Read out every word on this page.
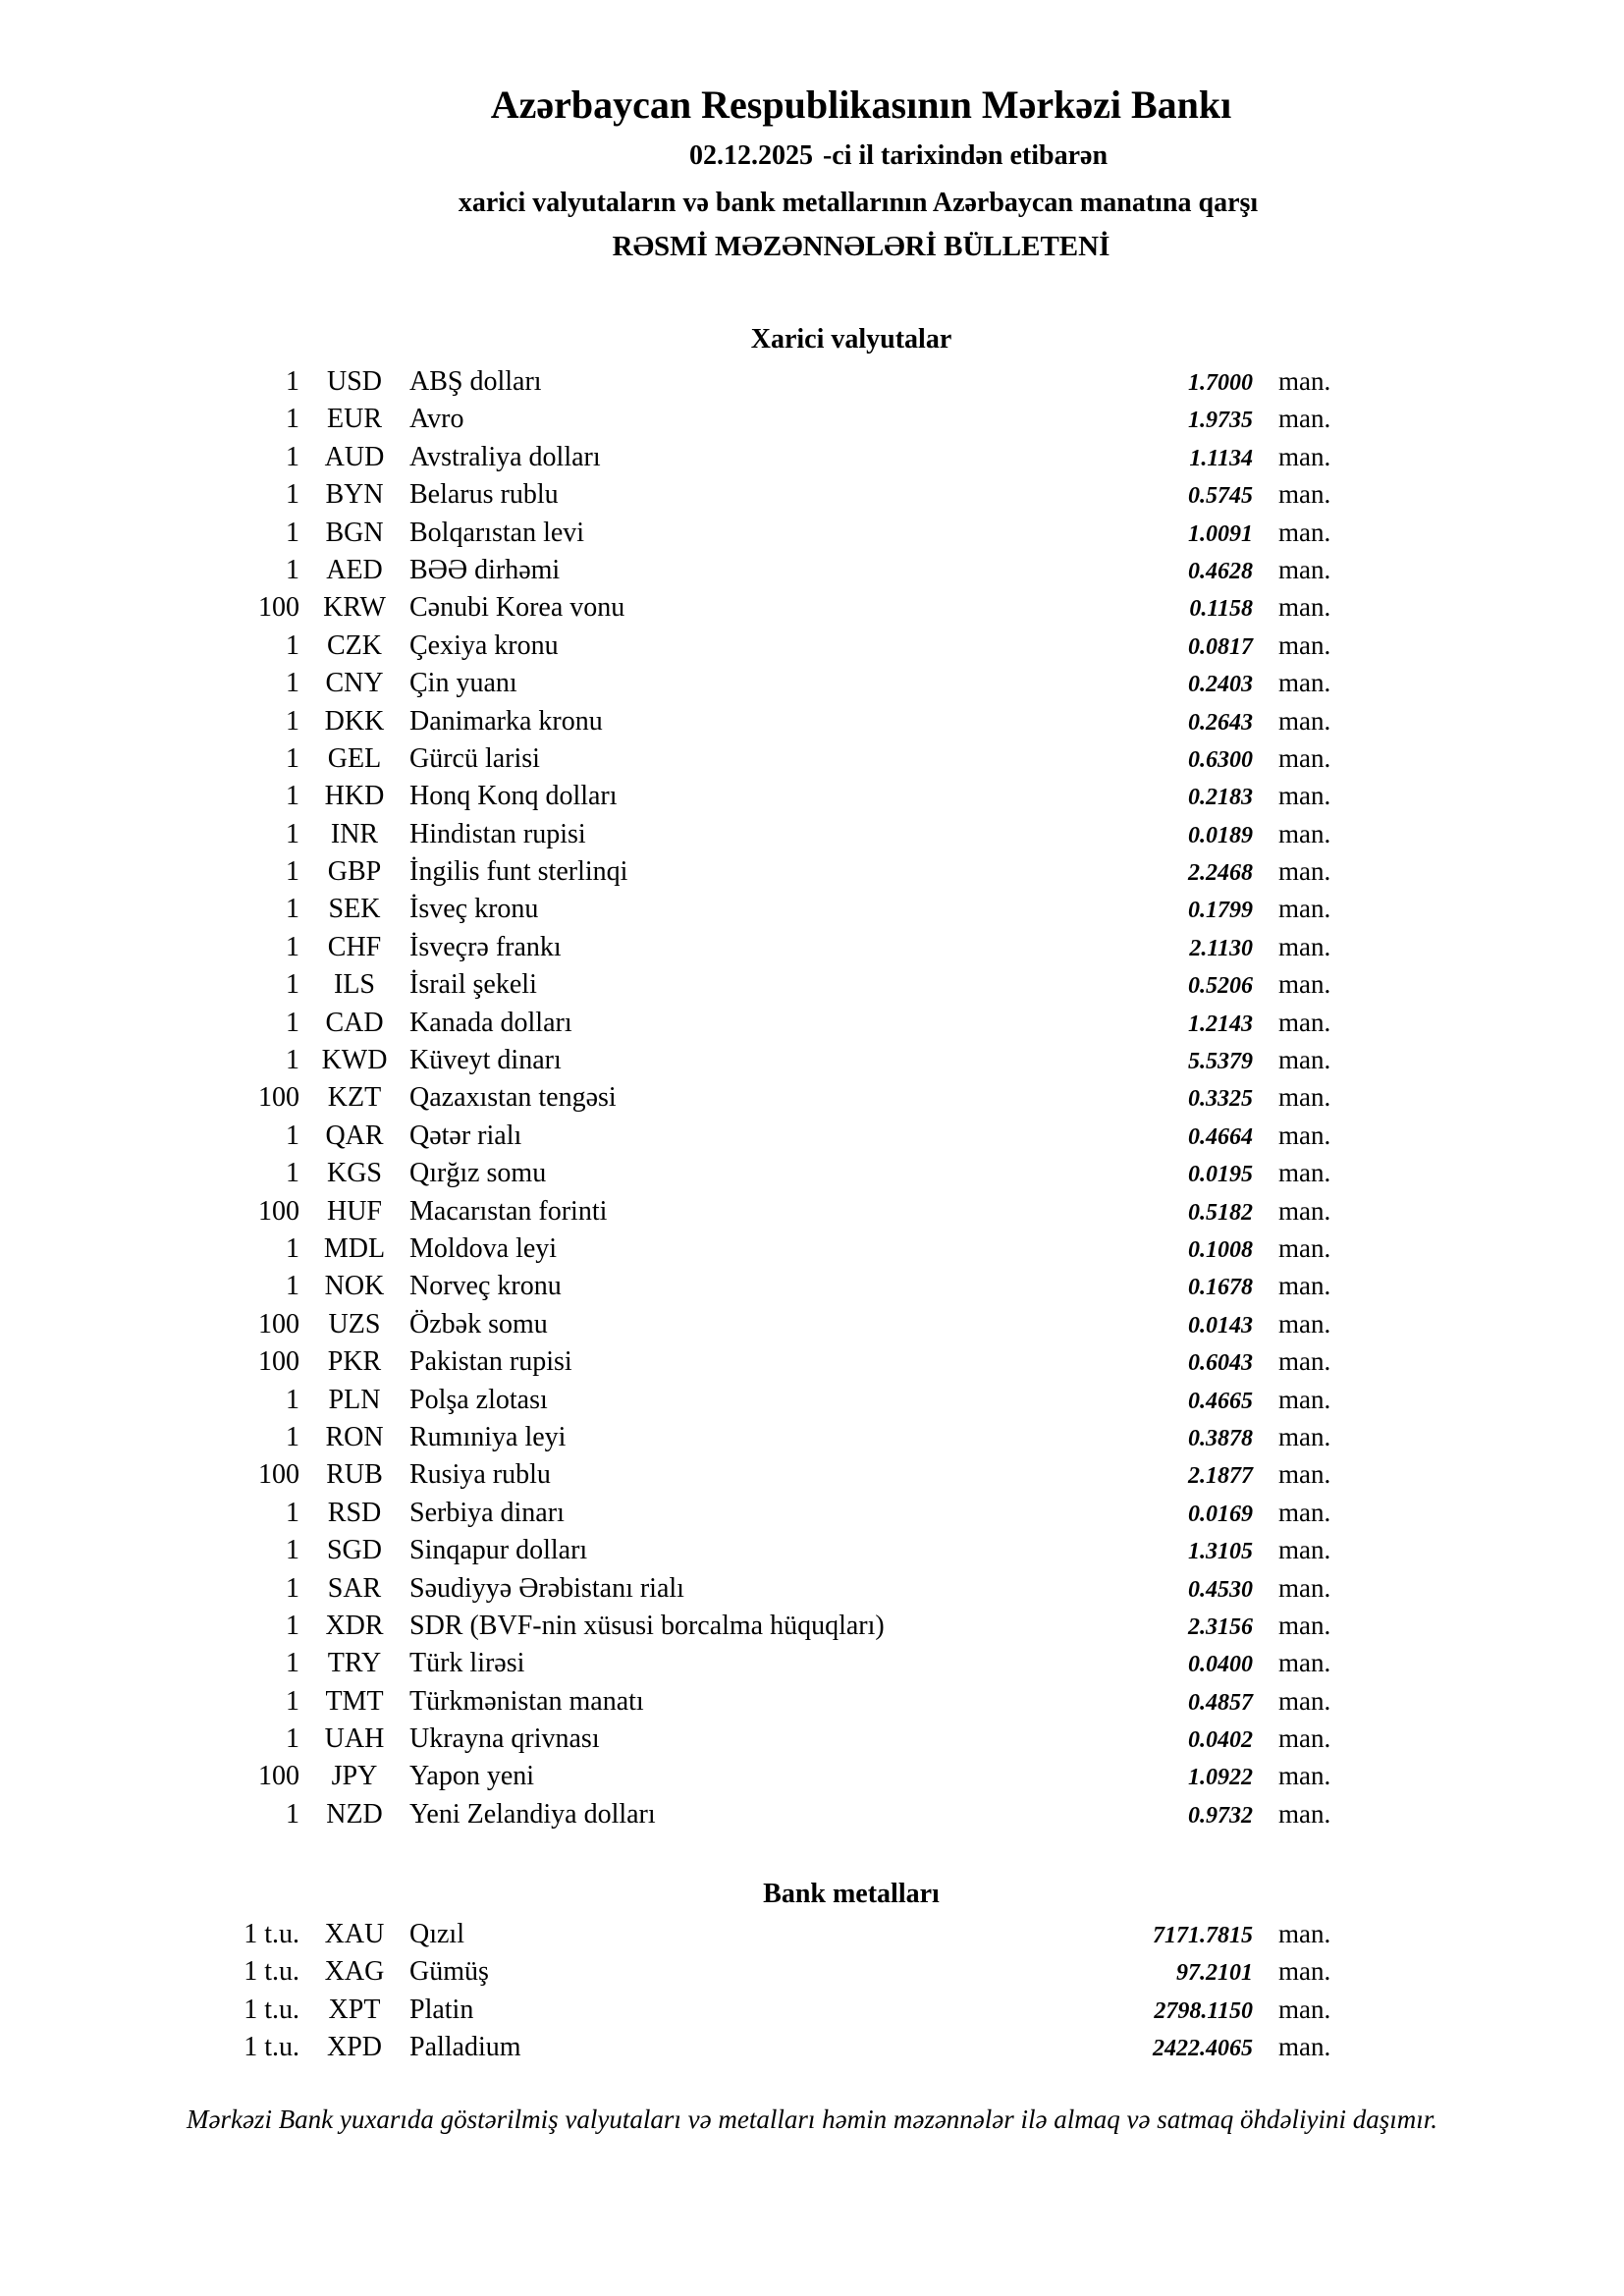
Azərbaycan Respublikasının Mərkəzi Bankı
02.12.2025 -ci il tarixindən etibarən
xarici valyutaların və bank metallarının Azərbaycan manatına qarşı
RƏSMİ MƏZƏNNƏLƏRİ BÜLLETENİ
Xarici valyutalar
1 USD	ABŞ dolları	1.7000 man.
1	EUR	Avro	1.9735 man.
1 AUD Avstraliya dolları	1.1134 man.
1 BYN Belarus rublu	0.5745 man.
1 BGN Bolqarıstan levi	1.0091 man.
1 AED BƏƏ dirhəmi	0.4628 man.
100 KRW Cənubi Korea vonu	0.1158 man.
1	CZK	Çexiya kronu	0.0817 man.
1 CNY Çin yuanı	0.2403 man.
1 DKK Danimarka kronu	0.2643 man.
1	GEL	Gürcü larisi	0.6300 man.
1 HKD Honq Konq dolları	0.2183 man.
1	INR	Hindistan rupisi	0.0189 man.
1	GBP	İngilis funt sterlinqi	2.2468 man.
1	SEK	İsveç kronu	0.1799 man.
1	CHF	İsveçrə frankı	2.1130 man.
1	ILS	İsrail şekeli	0.5206 man.
1 CAD Kanada dolları	1.2143 man.
1 KWD Küveyt dinarı	5.5379 man.
100	KZT	Qazaxıstan tengəsi	0.3325 man.
1 QAR Qətər rialı	0.4664 man.
1 KGS	Qırğız somu	0.0195 man.
100 HUF	Macarıstan forinti	0.5182 man.
1 MDL Moldova leyi	0.1008 man.
1 NOK Norveç kronu	0.1678 man.
100	UZS	Özbək somu	0.0143 man.
100	PKR	Pakistan rupisi	0.6043 man.
1	PLN	Polşa zlotası	0.4665 man.
1 RON Rumıniya leyi	0.3878 man.
100 RUB Rusiya rublu	2.1877 man.
1	RSD	Serbiya dinarı	0.0169 man.
1 SGD	Sinqapur dolları	1.3105 man.
1	SAR	Səudiyyə Ərəbistanı rialı	0.4530 man.
1 XDR SDR (BVF-nin xüsusi borcalma hüquqları)	2.3156 man.
1	TRY	Türk lirəsi	0.0400 man.
1 TMT Türkmənistan manatı	0.4857 man.
1 UAH Ukrayna qrivnası	0.0402 man.
100	JPY	Yapon yeni	1.0922 man.
1 NZD Yeni Zelandiya dolları	0.9732 man.
Bank metalları
1 t.u. XAU Qızıl	7171.7815 man.
1 t.u. XAG Gümüş	97.2101 man.
1 t.u.	XPT	Platin	2798.1150 man.
1 t.u. XPD	Palladium	2422.4065 man.
Mərkəzi Bank yuxarıda göstərilmiş valyutaları və metalları həmin məzənnələr ilə almaq və satmaq öhdəliyini daşımır.
